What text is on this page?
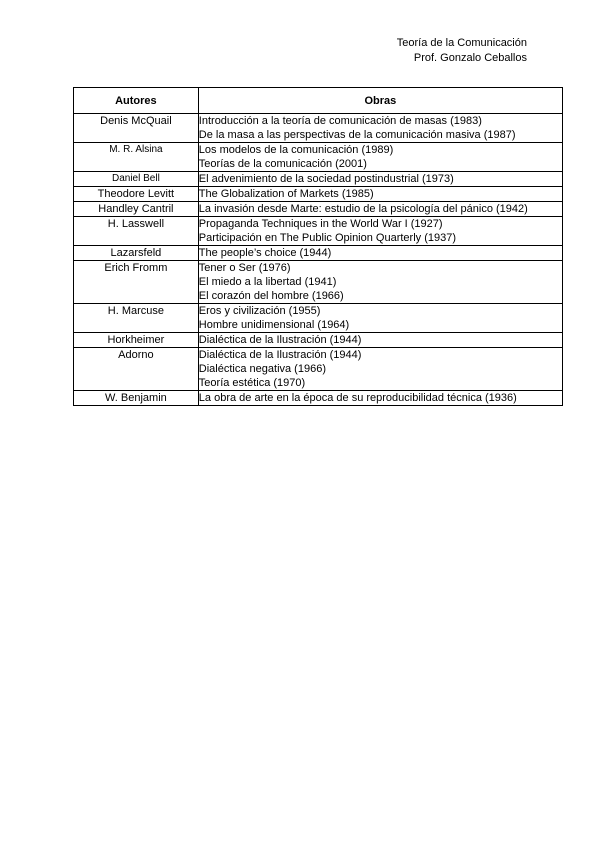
Teoría de la Comunicación
Prof. Gonzalo Ceballos
Autores	Obras
Denis McQuail	Introducción a la teoría de comunicación de masas (1983)
De la masa a las perspectivas de la comunicación masiva (1987)

M. R. Alsina	Los modelos de la comunicación (1989)
Teorías de la comunicación (2001)

Daniel Bell	El advenimiento de la sociedad postindustrial (1973)

Theodore Levitt	The Globalization of Markets (1985)

Handley Cantril	La invasión desde Marte: estudio de la psicología del pánico (1942)

H. Lasswell	Propaganda Techniques in the World War I (1927)
Participación en The Public Opinion Quarterly (1937)

Lazarsfeld	The people’s choice (1944)

Erich Fromm	Tener o Ser (1976)
El miedo a la libertad (1941)
El corazón del hombre (1966)

H. Marcuse	Eros y civilización (1955)
Hombre unidimensional (1964)

Horkheimer	Dialéctica de la Ilustración (1944)

Adorno	Dialéctica de la Ilustración (1944)
Dialéctica negativa (1966)
Teoría estética (1970)

W. Benjamin	La obra de arte en la época de su reproducibilidad técnica (1936)
